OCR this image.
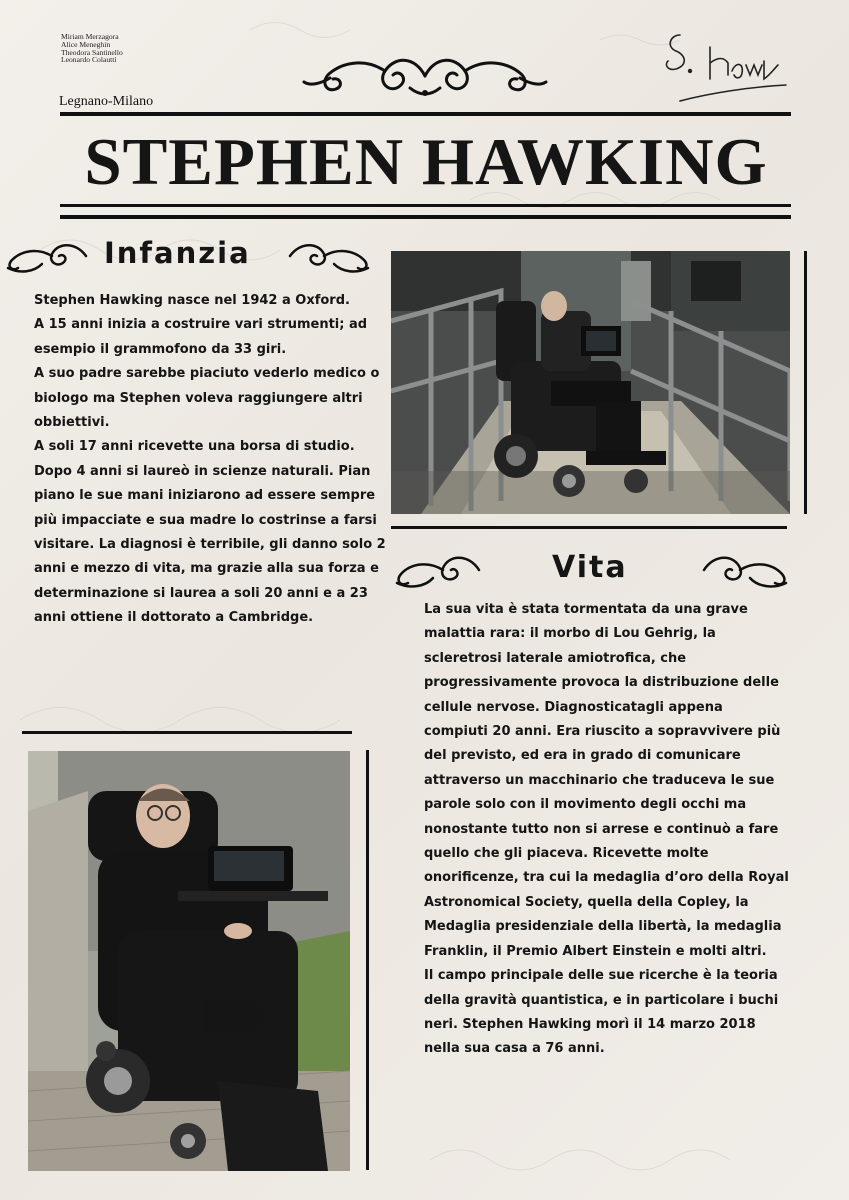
Miriam Merzagora
Alice Meneghin
Theodora Santinello
Leonardo Colautti
Legnano-Milano
STEPHEN HAWKING
Infanzia

Stephen Hawking nasce nel 1942 a Oxford.

A 15 anni inizia a costruire vari strumenti; ad esempio il grammofono da 33 giri.

A suo padre sarebbe piaciuto vederlo medico o biologo ma Stephen voleva raggiungere altri obbiettivi.

A soli 17 anni ricevette una borsa di studio.

Dopo 4 anni si laureò in scienze naturali. Pian piano le sue mani iniziarono ad essere sempre più impacciate e sua madre lo costrinse a farsi visitare. La diagnosi è terribile, gli danno solo 2 anni e mezzo di vita, ma grazie alla sua forza e determinazione si laurea a soli 20 anni e a 23 anni ottiene il dottorato a Cambridge.

Vita

La sua vita è stata tormentata da una grave malattia rara: il morbo di Lou Gehrig, la scleretrosi laterale amiotrofica, che progressivamente provoca la distribuzione delle cellule nervose. Diagnosticatagli appena compiuti 20 anni. Era riuscito a sopravvivere più del previsto, ed era in grado di comunicare attraverso un macchinario che traduceva le sue parole solo con il movimento degli occhi ma nonostante tutto non si arrese e continuò a fare quello che gli piaceva. Ricevette molte onorificenze, tra cui la medaglia d’oro della Royal Astronomical Society, quella della Copley, la Medaglia presidenziale della libertà, la medaglia Franklin, il Premio Albert Einstein e molti altri.

Il campo principale delle sue ricerche è la teoria della gravità quantistica, e in particolare i buchi neri. Stephen Hawking morì il 14 marzo 2018 nella sua casa a 76 anni.
